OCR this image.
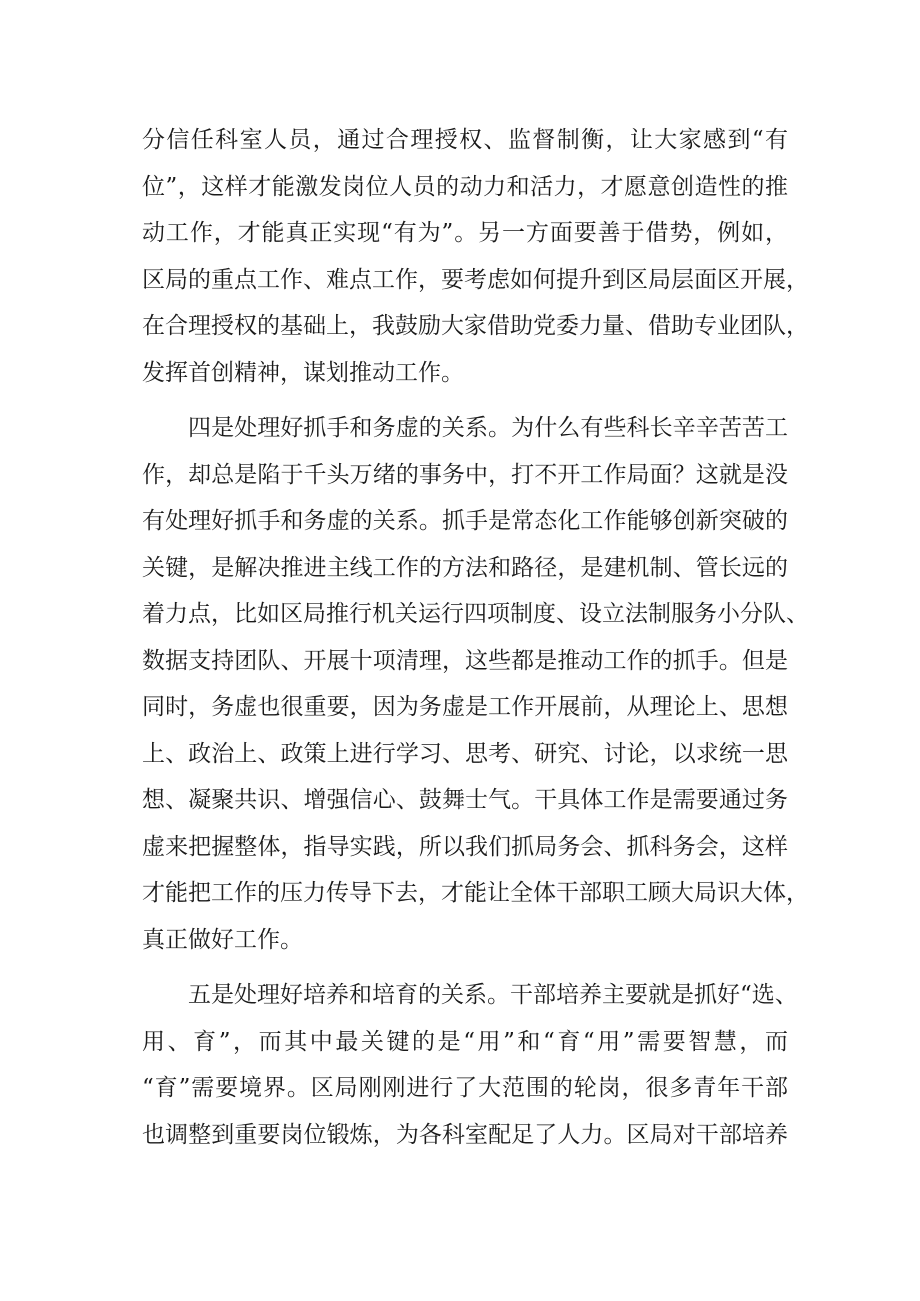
分信任科室人员，通过合理授权、监督制衡，让大家感到“有
位”，这样才能激发岗位人员的动力和活力，才愿意创造性的推
动工作，才能真正实现“有为”。另一方面要善于借势，例如，
区局的重点工作、难点工作，要考虑如何提升到区局层面区开展，
在合理授权的基础上，我鼓励大家借助党委力量、借助专业团队，
发挥首创精神，谋划推动工作。
四是处理好抓手和务虚的关系。为什么有些科长辛辛苦苦工
作，却总是陷于千头万绪的事务中，打不开工作局面？这就是没
有处理好抓手和务虚的关系。抓手是常态化工作能够创新突破的
关键，是解决推进主线工作的方法和路径，是建机制、管长远的
着力点，比如区局推行机关运行四项制度、设立法制服务小分队、
数据支持团队、开展十项清理，这些都是推动工作的抓手。但是
同时，务虚也很重要，因为务虚是工作开展前，从理论上、思想
上、政治上、政策上进行学习、思考、研究、讨论，以求统一思
想、凝聚共识、增强信心、鼓舞士气。干具体工作是需要通过务
虚来把握整体，指导实践，所以我们抓局务会、抓科务会，这样
才能把工作的压力传导下去，才能让全体干部职工顾大局识大体，
真正做好工作。
五是处理好培养和培育的关系。干部培养主要就是抓好“选、
用、育”，而其中最关键的是“用”和“育“用”需要智慧，而
“育”需要境界。区局刚刚进行了大范围的轮岗，很多青年干部
也调整到重要岗位锻炼，为各科室配足了人力。区局对干部培养
